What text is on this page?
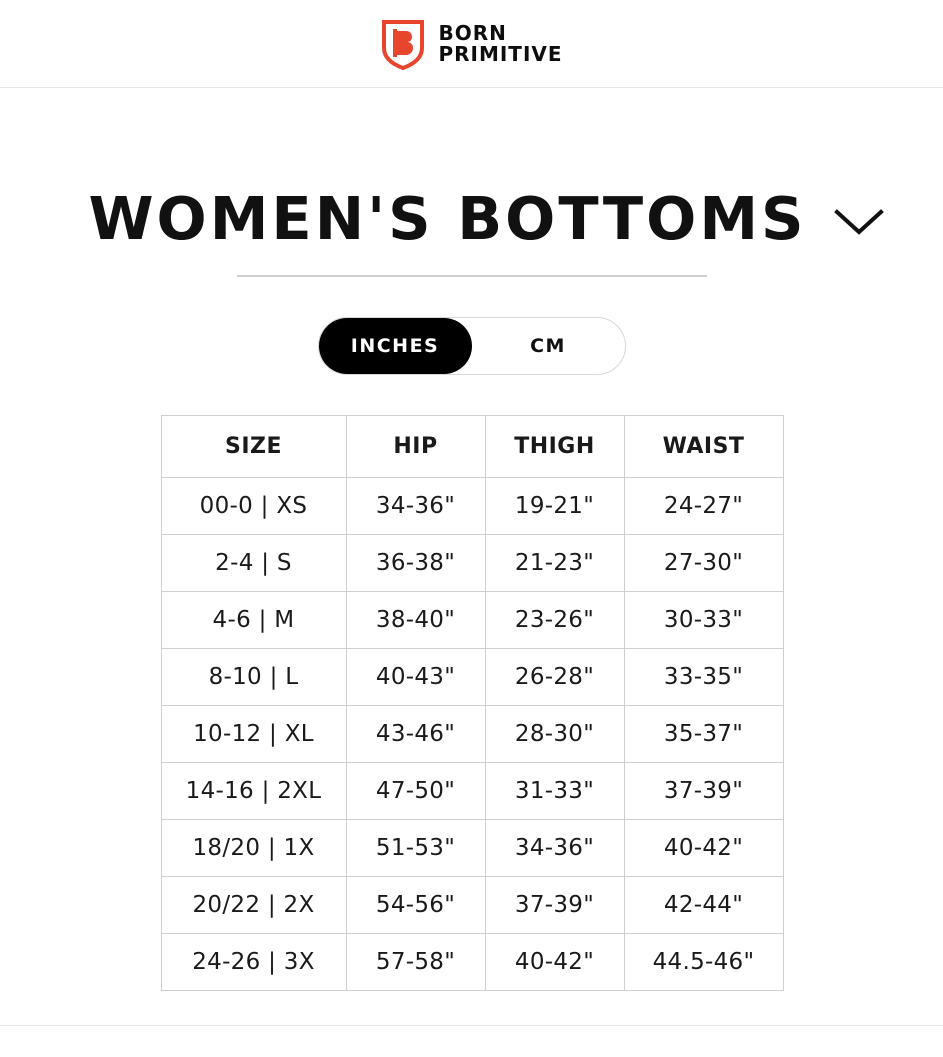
BORN
PRIMITIVE
WOMEN'S BOTTOMS
INCHES	CM
SIZE	HIP	THIGH	WAIST
00-0 | XS	34-36"	19-21"	24-27"
2-4 | S	36-38"	21-23"	27-30"
4-6 | M	38-40"	23-26"	30-33"
8-10 | L	40-43"	26-28"	33-35"
10-12 | XL	43-46"	28-30"	35-37"
14-16 | 2XL	47-50"	31-33"	37-39"
18/20 | 1X	51-53"	34-36"	40-42"
20/22 | 2X	54-56"	37-39"	42-44"
24-26 | 3X	57-58"	40-42"	44.5-46"
